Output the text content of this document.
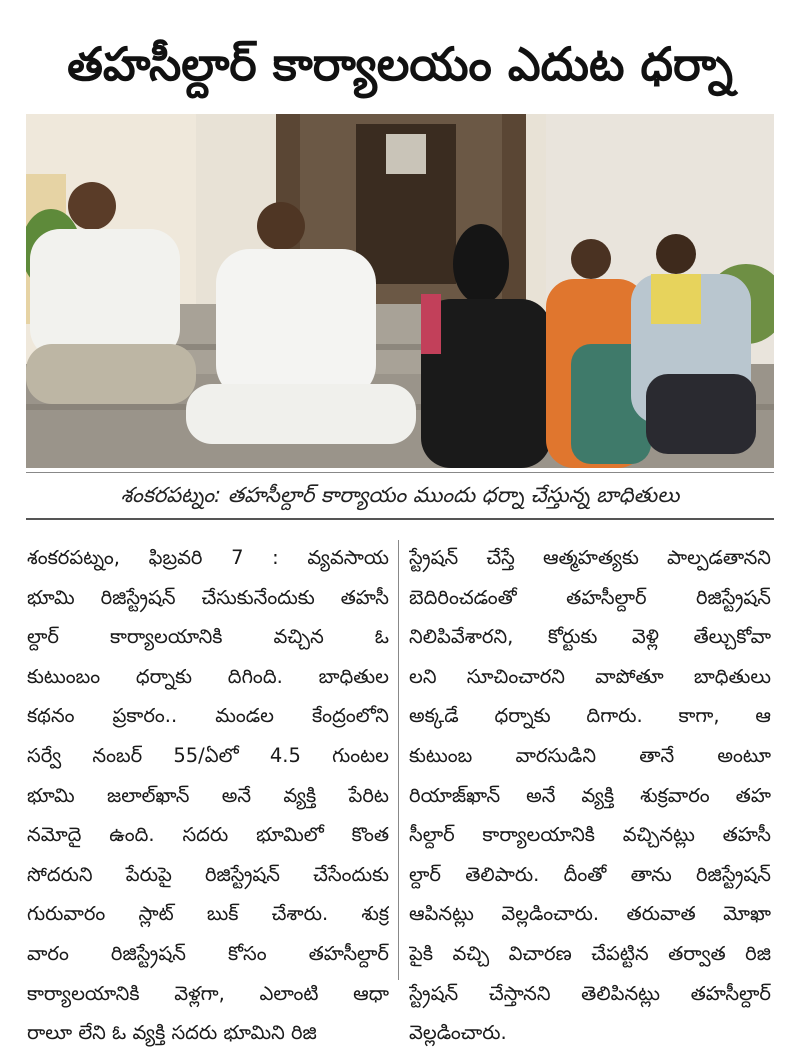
తహసీల్దార్ కార్యాలయం ఎదుట ధర్నా
శంకరపట్నం: తహసీల్దార్ కార్యాయం ముందు ధర్నా చేస్తున్న బాధితులు
శంకరపట్నం, ఫిబ్రవరి 7 : వ్యవసాయ
భూమి రిజిస్ట్రేషన్ చేసుకునేందుకు తహసీ
ల్దార్ కార్యాలయానికి వచ్చిన ఓ
కుటుంబం ధర్నాకు దిగింది. బాధితుల
కథనం ప్రకారం.. మండల కేంద్రంలోని
సర్వే నంబర్ 55/ఏలో 4.5 గుంటల
భూమి జలాల్‌ఖాన్ అనే వ్యక్తి పేరిట
నమోదై ఉంది. సదరు భూమిలో కొంత
సోదరుని పేరుపై రిజిస్ట్రేషన్ చేసేందుకు
గురువారం స్లాట్ బుక్ చేశారు. శుక్ర
వారం రిజిస్ట్రేషన్ కోసం తహసీల్దార్
కార్యాలయానికి వెళ్లగా, ఎలాంటి ఆధా
రాలూ లేని ఓ వ్యక్తి సదరు భూమిని రిజి
స్ట్రేషన్ చేస్తే ఆత్మహత్యకు పాల్పడతానని
బెదిరించడంతో తహసీల్దార్ రిజిస్ట్రేషన్
నిలిపివేశారని, కోర్టుకు వెళ్లి తేల్చుకోవా
లని సూచించారని వాపోతూ బాధితులు
అక్కడే ధర్నాకు దిగారు. కాగా, ఆ
కుటుంబ వారసుడిని తానే అంటూ
రియాజ్‌ఖాన్ అనే వ్యక్తి శుక్రవారం తహ
సీల్దార్ కార్యాలయానికి వచ్చినట్లు తహసీ
ల్దార్ తెలిపారు. దీంతో తాను రిజిస్ట్రేషన్
ఆపినట్లు వెల్లడించారు. తరువాత మోఖా
పైకి వచ్చి విచారణ చేపట్టిన తర్వాత రిజి
స్ట్రేషన్ చేస్తానని తెలిపినట్లు తహసీల్దార్
వెల్లడించారు.
